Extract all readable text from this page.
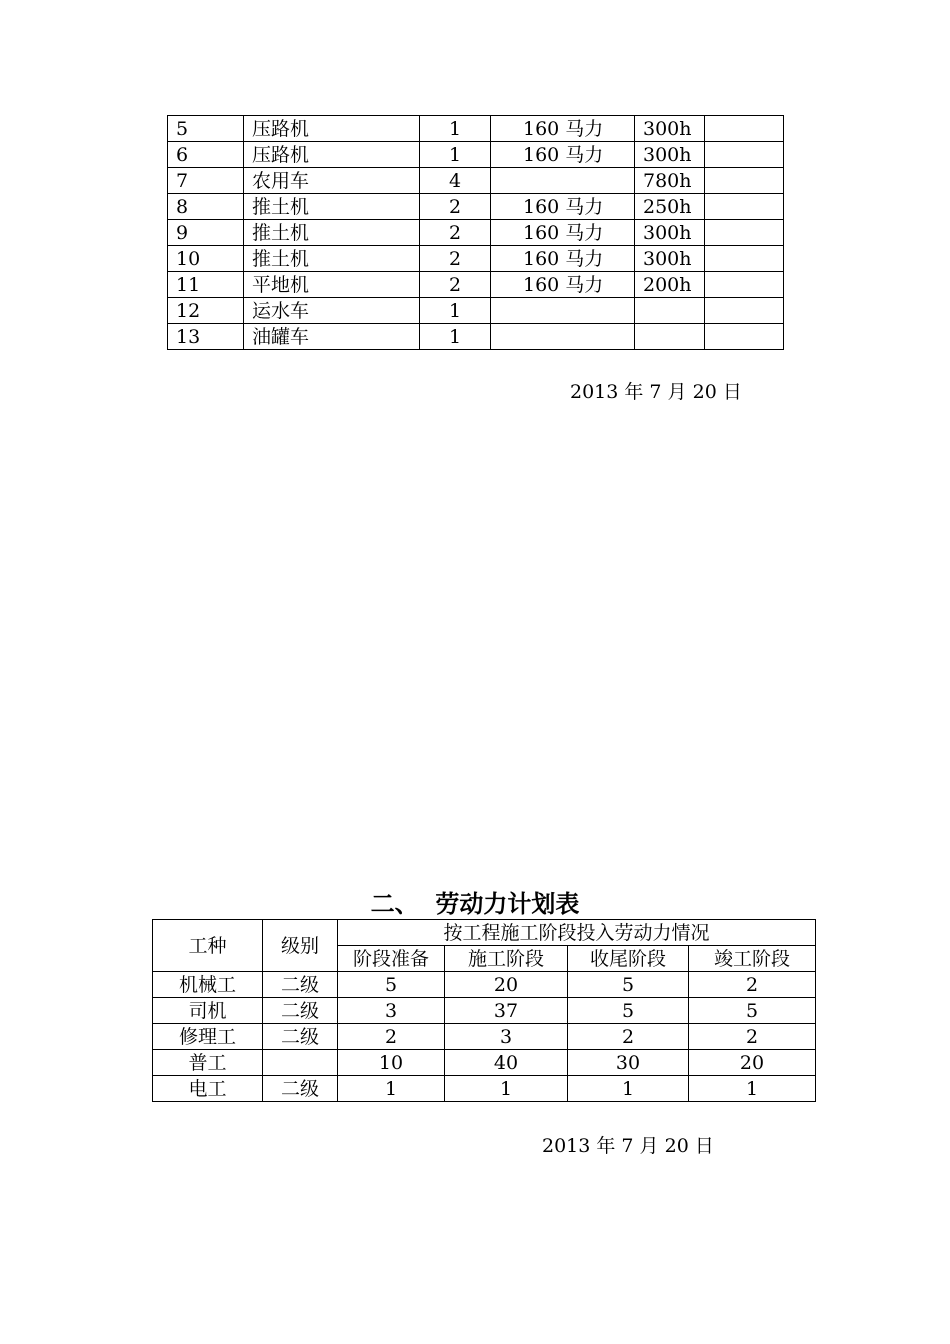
5	压路机	1	160 马力	300h	
6	压路机	1	160 马力	300h	
7	农用车	4		780h	
8	推土机	2	160 马力	250h	
9	推土机	2	160 马力	300h	
10	推土机	2	160 马力	300h	
11	平地机	2	160 马力	200h	
12	运水车	1			
13	油罐车	1			
2013 年 7 月 20 日
二、  劳动力计划表
工种	级别	按工程施工阶段投入劳动力情况			
		阶段准备	施工阶段	收尾阶段	竣工阶段
机械工	二级	5	20	5	2
司机	二级	3	37	5	5
修理工	二级	2	3	2	2
普工		10	40	30	20
电工	二级	1	1	1	1
2013 年 7 月 20 日
